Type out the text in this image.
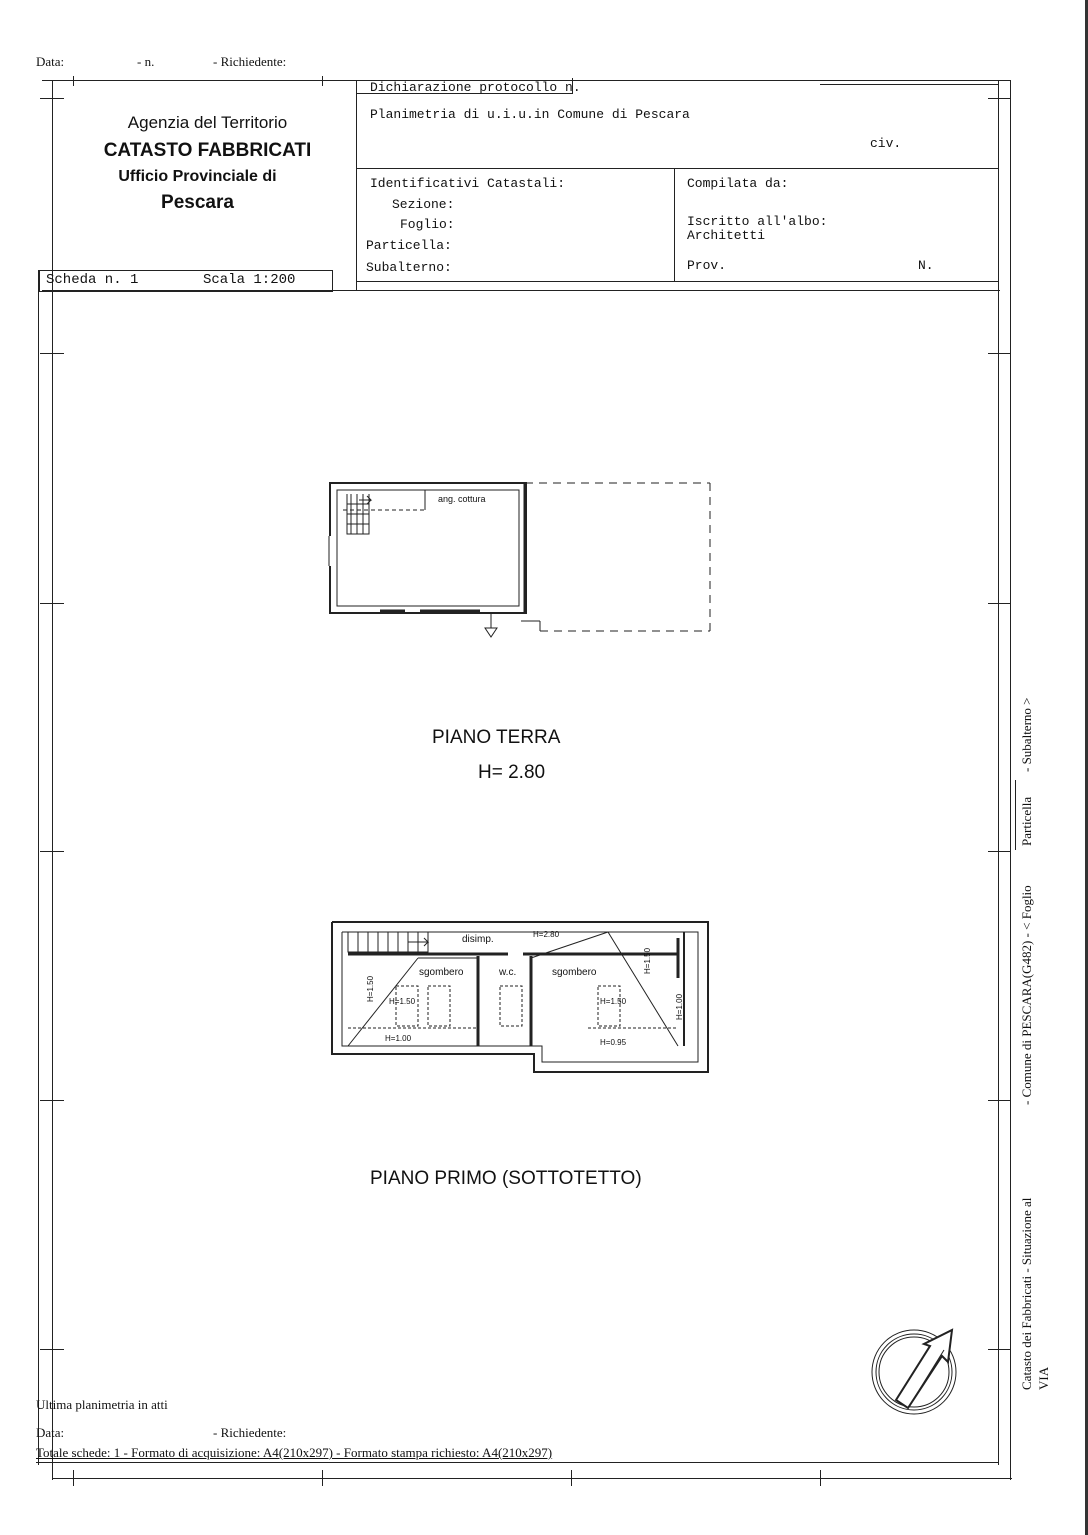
Data:	- n.	- Richiedente:
Scheda n. 1	Scala 1:200
Agenzia del Territorio
CATASTO FABBRICATI
Ufficio Provinciale di
Pescara
Dichiarazione protocollo n.
Planimetria di u.i.u.in Comune di Pescara
civ.
Identificativi Catastali:
Sezione:
Foglio:
Particella:
Subalterno:
Compilata da:
Iscritto all'albo:
Architetti
Prov.	N.
ang. cottura
PIANO TERRA
H= 2.80
disimp.	H=2.80
sgombero	w.c.	sgombero
H=1.50	H=1.50
H=1.50
H=1.50
H=1.00
H=1.00	H=0.95
PIANO PRIMO (SOTTOTETTO)
Ultima planimetria in atti
Data:	- Richiedente:
Totale schede: 1 - Formato di acquisizione: A4(210x297) - Formato stampa richiesto: A4(210x297)
Catasto dei Fabbricati - Situazione al VIA
- Comune di PESCARA(G482) - < Foglio
Particella
- Subalterno >
